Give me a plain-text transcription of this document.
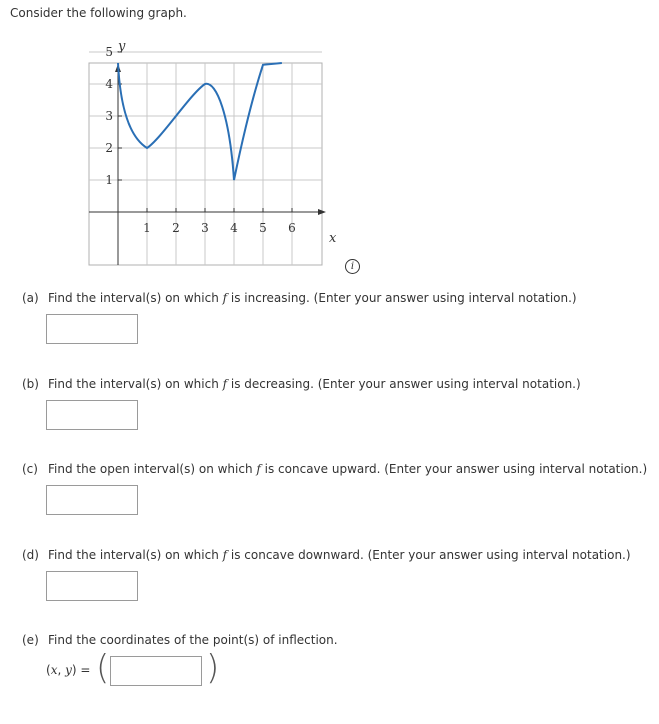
Consider the following graph.
1 2 3 4 5 6
1
2
3
4
5 y
x
i
(a) Find the interval(s) on which f is increasing. (Enter your answer using interval notation.)
(b) Find the interval(s) on which f is decreasing. (Enter your answer using interval notation.)
(c) Find the open interval(s) on which f is concave upward. (Enter your answer using interval notation.)
(d) Find the interval(s) on which f is concave downward. (Enter your answer using interval notation.)
(e) Find the coordinates of the point(s) of inflection.
(x, y) = (	)
